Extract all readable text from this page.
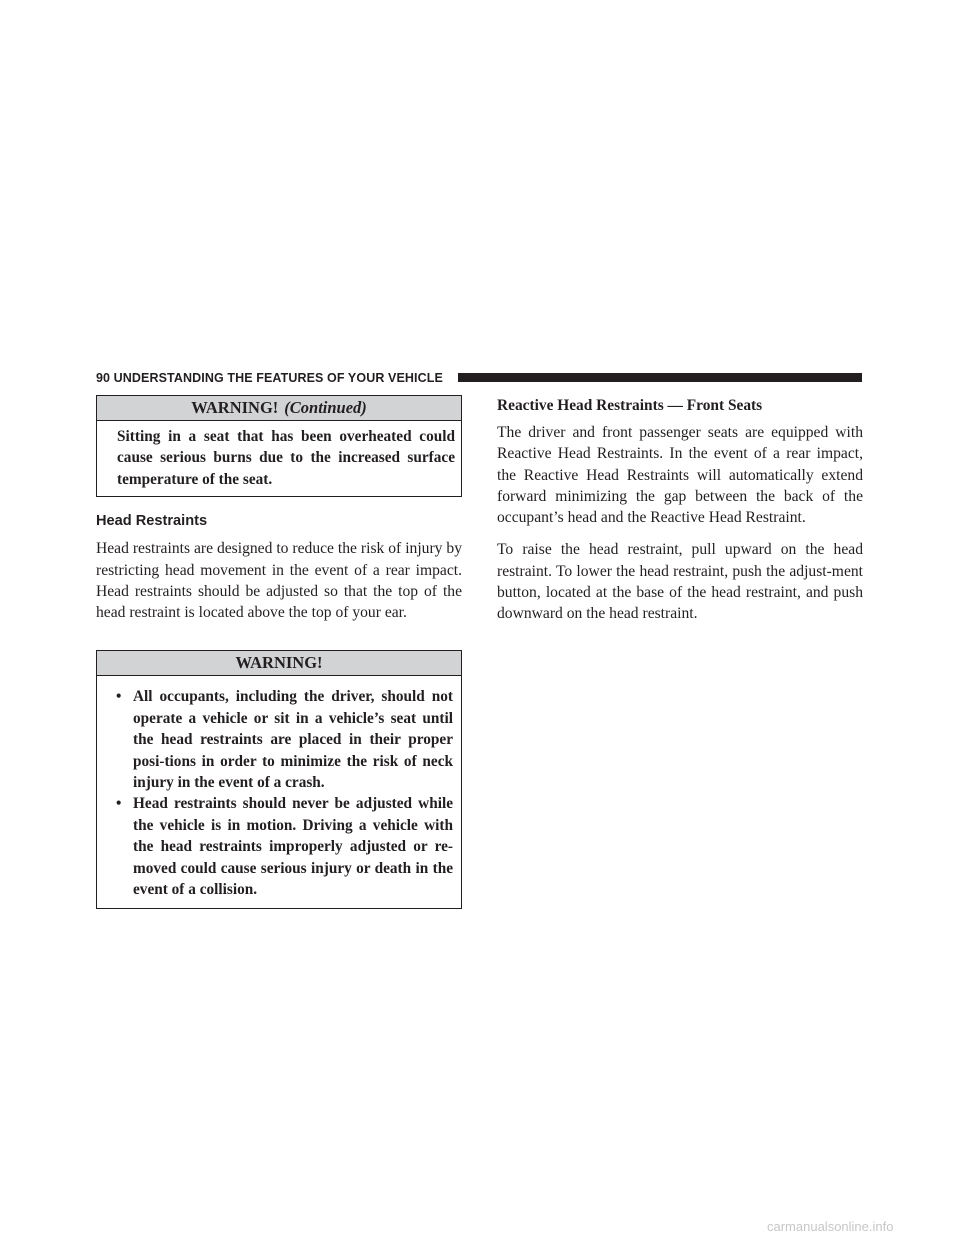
90 UNDERSTANDING THE FEATURES OF YOUR VEHICLE
WARNING! (Continued)
Sitting in a seat that has been overheated could cause serious burns due to the increased surface temperature of the seat.
Head Restraints
Head restraints are designed to reduce the risk of injury by restricting head movement in the event of a rear impact. Head restraints should be adjusted so that the top of the head restraint is located above the top of your ear.
WARNING!
• All occupants, including the driver, should not operate a vehicle or sit in a vehicle’s seat until the head restraints are placed in their proper posi-tions in order to minimize the risk of neck injury in the event of a crash.
• Head restraints should never be adjusted while the vehicle is in motion. Driving a vehicle with the head restraints improperly adjusted or re-moved could cause serious injury or death in the event of a collision.
Reactive Head Restraints — Front Seats
The driver and front passenger seats are equipped with Reactive Head Restraints. In the event of a rear impact, the Reactive Head Restraints will automatically extend forward minimizing the gap between the back of the occupant’s head and the Reactive Head Restraint.
To raise the head restraint, pull upward on the head restraint. To lower the head restraint, push the adjust-ment button, located at the base of the head restraint, and push downward on the head restraint.
carmanualsonline.info
